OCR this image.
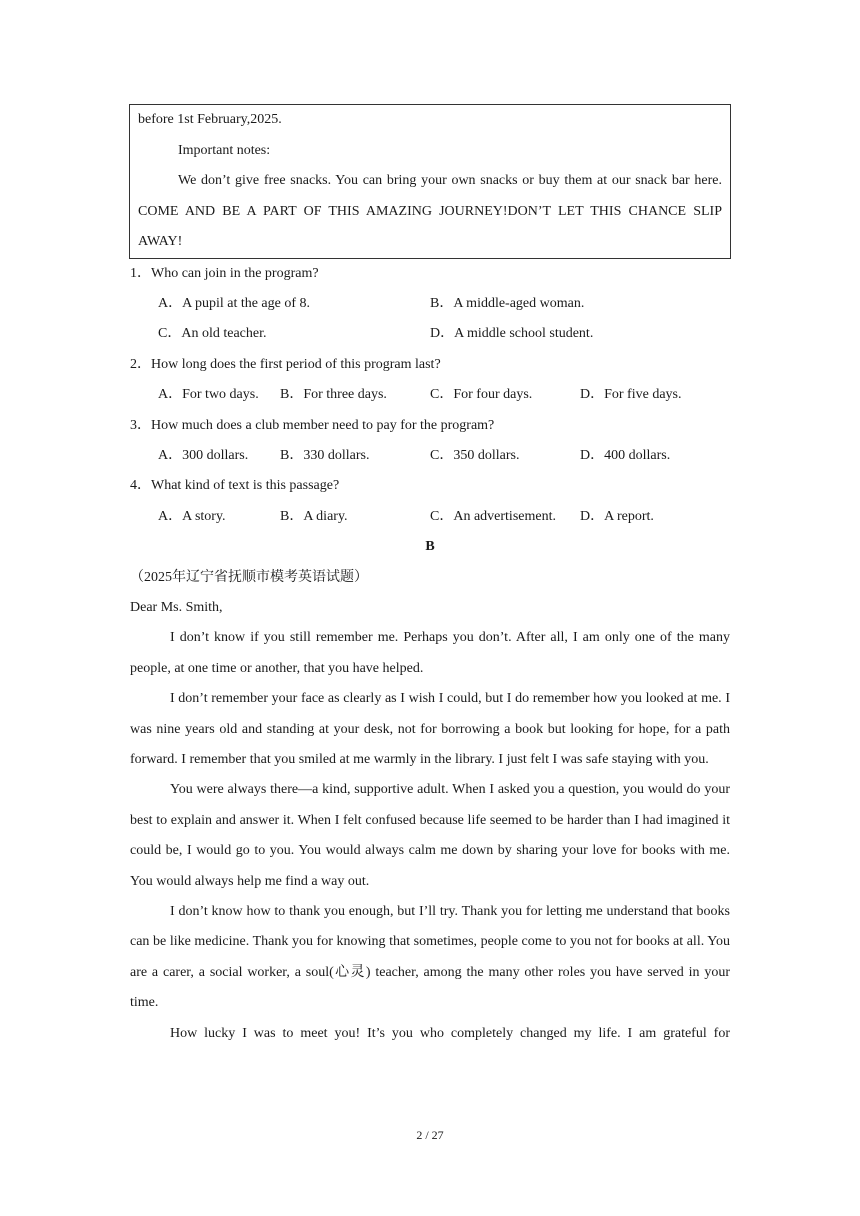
before 1st February,2025.

Important notes:

We don’t give free snacks. You can bring your own snacks or buy them at our snack bar here. COME AND BE A PART OF THIS AMAZING JOURNEY!DON’T LET THIS CHANCE SLIP AWAY!

1．Who can join in the program?

A．A pupil at the age of 8.	B．A middle-aged woman.
C．An old teacher.	D．A middle school student.

2．How long does the first period of this program last?

A．For two days.	B．For three days.	C．For four days.	D．For five days.

3．How much does a club member need to pay for the program?

A．300 dollars.	B．330 dollars.	C．350 dollars.	D．400 dollars.

4．What kind of text is this passage?

A．A story.	B．A diary.	C．An advertisement.	D．A report.

B

（2025年辽宁省抚顺市模考英语试题）

Dear Ms. Smith,

I don’t know if you still remember me. Perhaps you don’t. After all, I am only one of the many people, at one time or another, that you have helped.

I don’t remember your face as clearly as I wish I could, but I do remember how you looked at me. I was nine years old and standing at your desk, not for borrowing a book but looking for hope, for a path forward. I remember that you smiled at me warmly in the library. I just felt I was safe staying with you.

You were always there—a kind, supportive adult. When I asked you a question, you would do your best to explain and answer it. When I felt confused because life seemed to be harder than I had imagined it could be, I would go to you. You would always calm me down by sharing your love for books with me. You would always help me find a way out.

I don’t know how to thank you enough, but I’ll try. Thank you for letting me understand that books can be like medicine. Thank you for knowing that sometimes, people come to you not for books at all. You are a carer, a social worker, a soul(心灵) teacher, among the many other roles you have served in your time.

How lucky I was to meet you! It’s you who completely changed my life. I am grateful for

2 / 27
